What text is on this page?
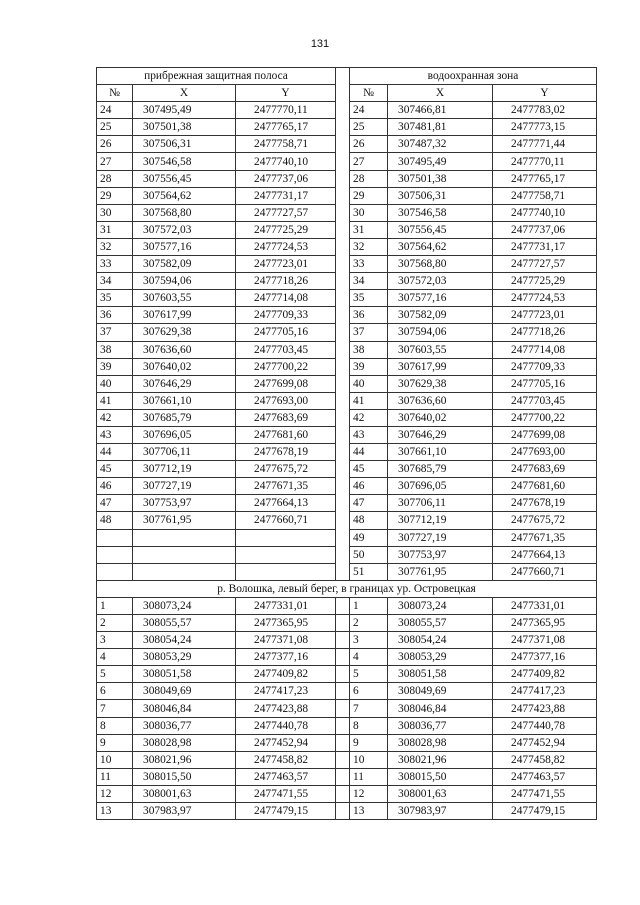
131
прибрежная защитная полоса				водоохранная зона		
№	X	Y		№	X	Y
24	307495,49	2477770,11		24	307466,81	2477783,02
25	307501,38	2477765,17		25	307481,81	2477773,15
26	307506,31	2477758,71		26	307487,32	2477771,44
27	307546,58	2477740,10		27	307495,49	2477770,11
28	307556,45	2477737,06		28	307501,38	2477765,17
29	307564,62	2477731,17		29	307506,31	2477758,71
30	307568,80	2477727,57		30	307546,58	2477740,10
31	307572,03	2477725,29		31	307556,45	2477737,06
32	307577,16	2477724,53		32	307564,62	2477731,17
33	307582,09	2477723,01		33	307568,80	2477727,57
34	307594,06	2477718,26		34	307572,03	2477725,29
35	307603,55	2477714,08		35	307577,16	2477724,53
36	307617,99	2477709,33		36	307582,09	2477723,01
37	307629,38	2477705,16		37	307594,06	2477718,26
38	307636,60	2477703,45		38	307603,55	2477714,08
39	307640,02	2477700,22		39	307617,99	2477709,33
40	307646,29	2477699,08		40	307629,38	2477705,16
41	307661,10	2477693,00		41	307636,60	2477703,45
42	307685,79	2477683,69		42	307640,02	2477700,22
43	307696,05	2477681,60		43	307646,29	2477699,08
44	307706,11	2477678,19		44	307661,10	2477693,00
45	307712,19	2477675,72		45	307685,79	2477683,69
46	307727,19	2477671,35		46	307696,05	2477681,60
47	307753,97	2477664,13		47	307706,11	2477678,19
48	307761,95	2477660,71		48	307712,19	2477675,72
				49	307727,19	2477671,35
				50	307753,97	2477664,13
				51	307761,95	2477660,71
р. Волошка, левый берег, в границах ур. Островецкая						
1	308073,24	2477331,01		1	308073,24	2477331,01
2	308055,57	2477365,95		2	308055,57	2477365,95
3	308054,24	2477371,08		3	308054,24	2477371,08
4	308053,29	2477377,16		4	308053,29	2477377,16
5	308051,58	2477409,82		5	308051,58	2477409,82
6	308049,69	2477417,23		6	308049,69	2477417,23
7	308046,84	2477423,88		7	308046,84	2477423,88
8	308036,77	2477440,78		8	308036,77	2477440,78
9	308028,98	2477452,94		9	308028,98	2477452,94
10	308021,96	2477458,82		10	308021,96	2477458,82
11	308015,50	2477463,57		11	308015,50	2477463,57
12	308001,63	2477471,55		12	308001,63	2477471,55
13	307983,97	2477479,15		13	307983,97	2477479,15
